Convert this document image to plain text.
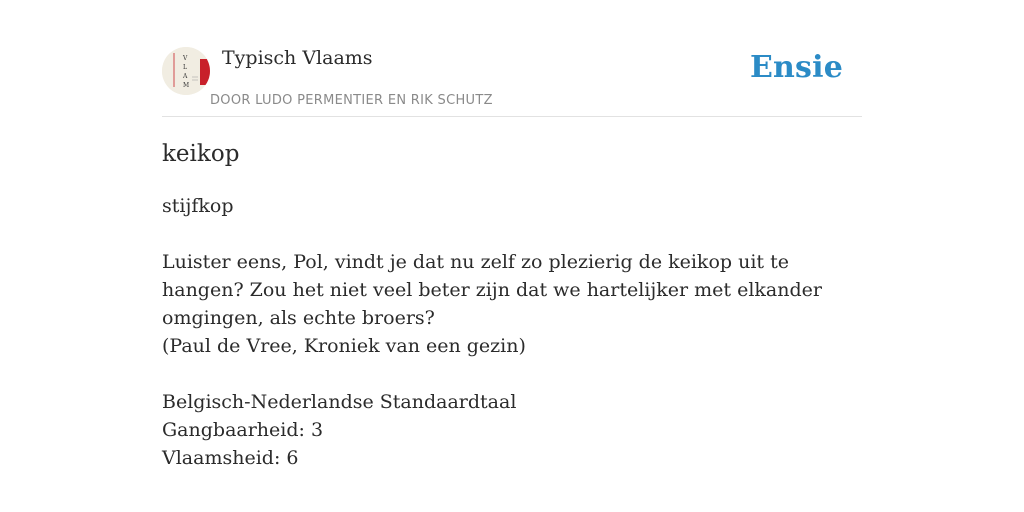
V
L
A
M
Typisch Vlaams
DOOR LUDO PERMENTIER EN RIK SCHUTZ
Ensie
keikop
stijfkop
Luister eens, Pol, vindt je dat nu zelf zo plezierig de keikop uit te hangen? Zou het niet veel beter zijn dat we hartelijker met elkander omgingen, als echte broers?
(Paul de Vree, Kroniek van een gezin)
Belgisch-Nederlandse Standaardtaal
Gangbaarheid: 3
Vlaamsheid: 6
